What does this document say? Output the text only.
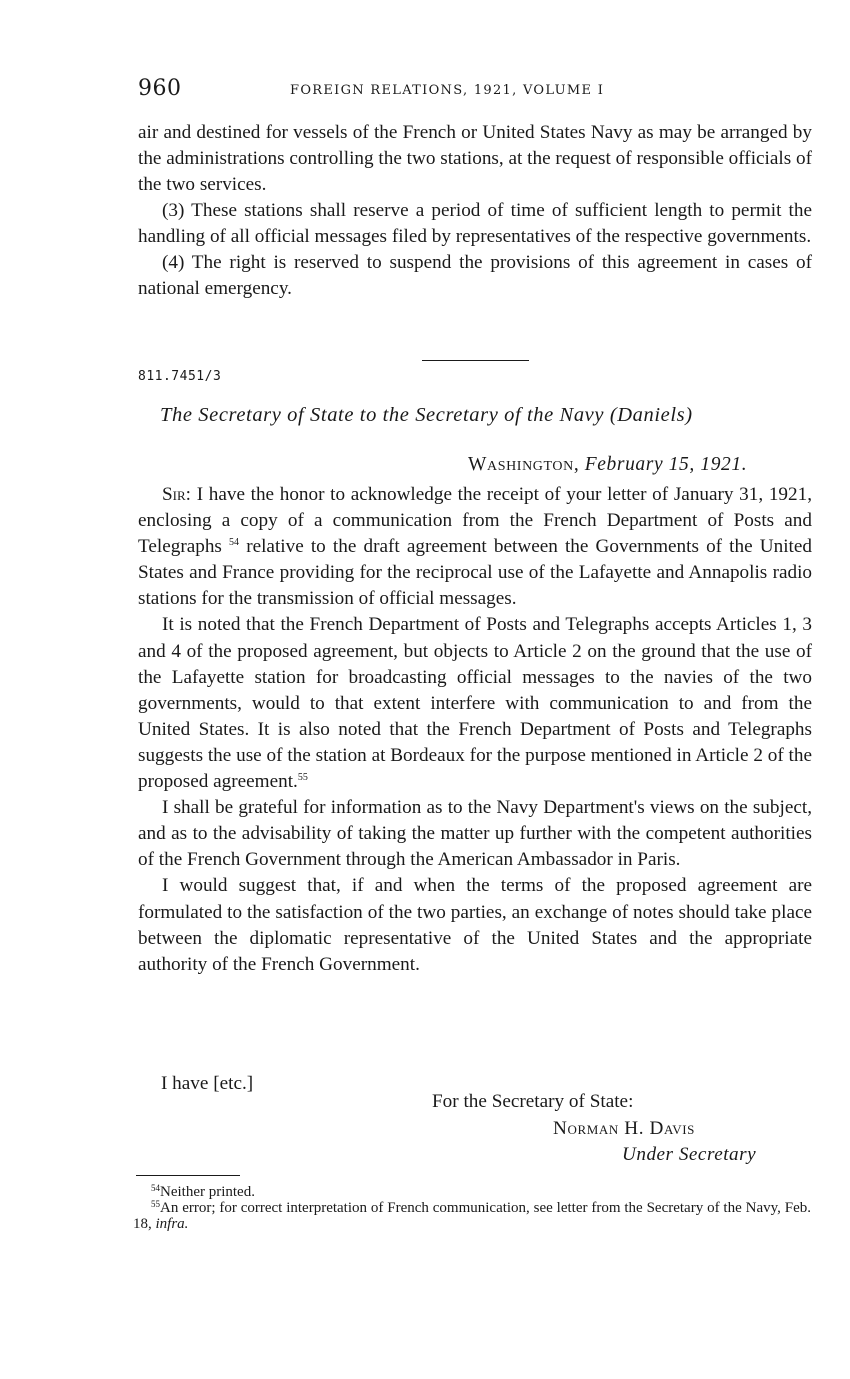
960	FOREIGN RELATIONS, 1921, VOLUME I

air and destined for vessels of the French or United States Navy as may be arranged by the administrations controlling the two stations, at the request of responsible officials of the two services.

(3) These stations shall reserve a period of time of sufficient length to permit the handling of all official messages filed by representatives of the respective governments.

(4) The right is reserved to suspend the provisions of this agreement in cases of national emergency.

811.7451/3
The Secretary of State to the Secretary of the Navy (Daniels)
Washington, February 15, 1921.

Sir: I have the honor to acknowledge the receipt of your letter of January 31, 1921, enclosing a copy of a communication from the French Department of Posts and Telegraphs $^{54}$ relative to the draft agreement between the Governments of the United States and France providing for the reciprocal use of the Lafayette and Annapolis radio stations for the transmission of official messages.

It is noted that the French Department of Posts and Telegraphs accepts Articles 1, 3 and 4 of the proposed agreement, but objects to Article 2 on the ground that the use of the Lafayette station for broadcasting official messages to the navies of the two governments, would to that extent interfere with communication to and from the United States. It is also noted that the French Department of Posts and Telegraphs suggests the use of the station at Bordeaux for the purpose mentioned in Article 2 of the proposed agreement.$^{55}$

I shall be grateful for information as to the Navy Department's views on the subject, and as to the advisability of taking the matter up further with the competent authorities of the French Government through the American Ambassador in Paris.

I would suggest that, if and when the terms of the proposed agreement are formulated to the satisfaction of the two parties, an exchange of notes should take place between the diplomatic representative of the United States and the appropriate authority of the French Government.

I have [etc.]
For the Secretary of State:
Norman H. Davis
Under Secretary

$^{54}$Neither printed.

$^{55}$An error; for correct interpretation of French communication, see letter from the Secretary of the Navy, Feb. 18, infra.
